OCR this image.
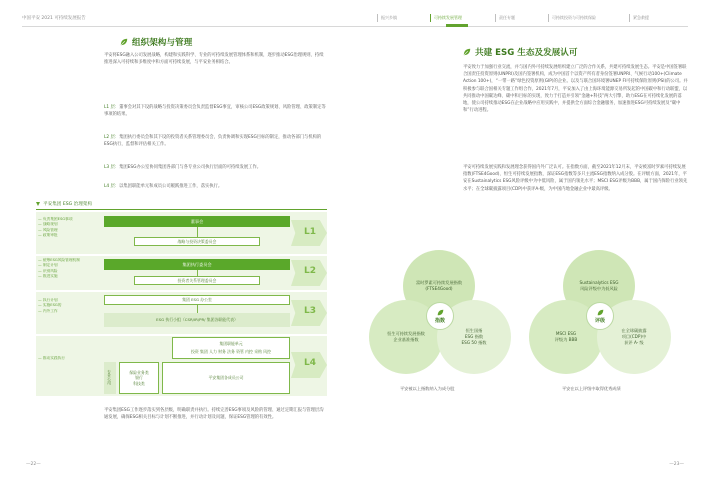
中国平安 2021 可持续发展报告
组织架构与管理
平安将ESG融入公司发展战略，构建和实践科学、专业的可持续发展管理体系和机制，逐步推动ESG治理规则、持续推进深入可持续和多维度中和方面可持续发展，与平安业务相结合。
L1 层：董事会对其下设的战略与投资决策委员会负责监督ESG事宜，审核公司ESG政策规划、风险管理、政策制定等事项的结果。
L2 层：集团执行委员会和其下设的投资者关系管理委员会，负责协调和实现ESG目标的制定，推动各部门与机构的ESG执行，监督和评估相关工作。
L3 层：集团ESG办公室协同集团各部门与各专业公司执行层面的可持续发展工作。
L4 层：以集团职能单元和成员公司履践推进工作，落实执行。
平安集团 ESG 治理架构
L1
L2
L3
L4
— 负责集团ESG事项
— 战略规划
— 风险管理
— 政策审批
— 统筹ESG风险管理机制
— 制定计划
— 识别风险
— 推进实施
— 执行计划
— 实施ESG的
— 内外工作
— 推动实践执行
董事会
战略与投资决策委员会
集团执行委员会
投资者关系管理委员会
集团 ESG 办公室
ESG 执行小组（CSR/IR/PR/ 集团各职能代表）
集团职能单元
投资 集团 人力 财务 法务 资管 内控 采购 风控
专业公司	保险业务类
银行
科技类
平安集团各成员公司
平安集团ESG工作逐步落实到各层级，明确职责并执行。持续完善ESG事项及风险的管理、通过定期汇报与管理层沟通发展，确保ESG相关目标与计划不断推进，并行动计划及问题，保证ESG管理的有效性。
—22—
振兴乡镇	可持续发展管理	责任专题	可持续投资与可持续保险	紧急救援
共建 ESG 生态及发展认可
平安致力于加强行业交流，并与国内外可持续发展组织建立广泛的合作关系，共建可持续发展生态。平安是中国签署联合国责任投资原则(UNPRI)及国内签署机构，成为中国首个以资产所有者身份签署UNPRI、气候行动100+(Climate Action 100+)，“一带一路”绿色投资原则(GIP)的企业。以及与联合国环境署UNEP FI可持续保险原则(PSI)的公司。并积极参与联合国相关专题工作组合作，2021年7月，平安加入了由上海环境能源交易所发起的中国碳中和行动联盟，以共同推动中国碳达峰、碳中和目标的实现，致力于打造并引领“金融+科技”两大引擎，助力ESG在可持续化发展的落地，使公司持续推动ESG在企业战略中应用实践中，并提供全方面综合金融服务，加速推进ESG可持续发展及“碳中和”行动进程。
平安可持续发展实践和发展理念获得国内外广泛认可。在指数方面，截至2021年12月末，平安被富时罗素可持续发展指数(FTSE4Good)、恒生可持续发展指数、深证ESG指数等多只主流ESG指数纳入成分股。在评级方面，2021年，平安在Sustainalytics ESG风险评级中为中低风险，属于国内领先水平；MSCI ESG评级为BBB，属于国内保险行业领先水平；在全球碳披露项目(CDP)中获评A-级，为中国内地金融企业中最高评级。
富时罗素可持续发展指数
(FTSE4Good)
恒生可持续发展指数
企业基准指数
恒生国指
ESG 指数
ESG 50 指数
指数
平安被以上指数纳入为成分股
Sustainalytics ESG
风险评级中为低风险
MSCI ESG
评级为 BBB
在全球碳披露
项目(CDP)中
获评 A- 级
评级
平安在以上评级中取得优秀成绩
—23—
